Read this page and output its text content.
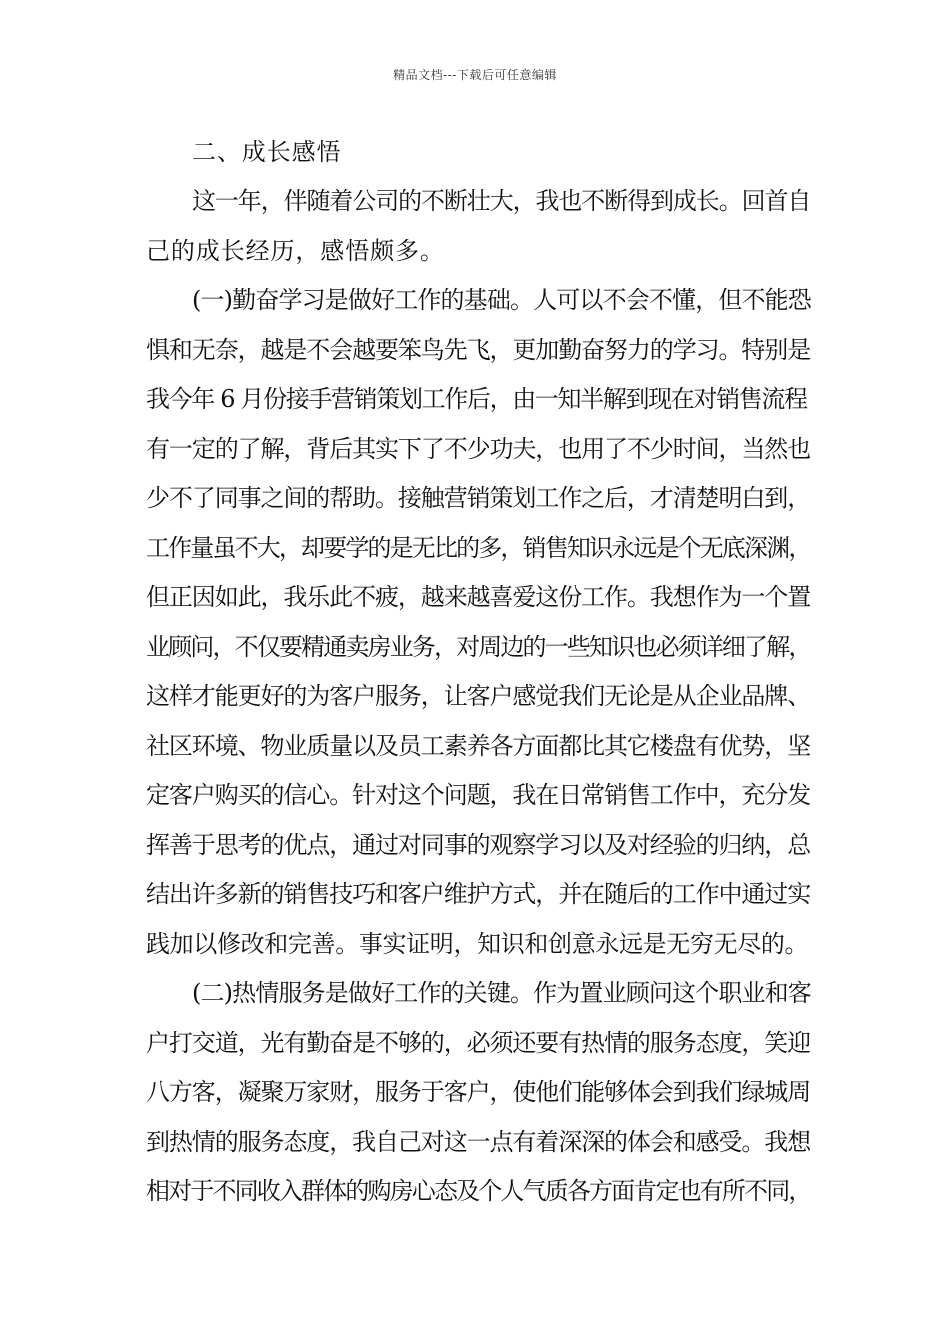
精品文档---下载后可任意编辑
二、成长感悟
这一年，伴随着公司的不断壮大，我也不断得到成长。回首自
己的成长经历，感悟颇多。
(一)勤奋学习是做好工作的基础。人可以不会不懂，但不能恐
惧和无奈，越是不会越要笨鸟先飞，更加勤奋努力的学习。特别是
我今年 6 月份接手营销策划工作后，由一知半解到现在对销售流程
有一定的了解，背后其实下了不少功夫，也用了不少时间，当然也
少不了同事之间的帮助。接触营销策划工作之后，才清楚明白到，
工作量虽不大，却要学的是无比的多，销售知识永远是个无底深渊，
但正因如此，我乐此不疲，越来越喜爱这份工作。我想作为一个置
业顾问，不仅要精通卖房业务，对周边的一些知识也必须详细了解，
这样才能更好的为客户服务，让客户感觉我们无论是从企业品牌、
社区环境、物业质量以及员工素养各方面都比其它楼盘有优势，坚
定客户购买的信心。针对这个问题，我在日常销售工作中，充分发
挥善于思考的优点，通过对同事的观察学习以及对经验的归纳，总
结出许多新的销售技巧和客户维护方式，并在随后的工作中通过实
践加以修改和完善。事实证明，知识和创意永远是无穷无尽的。
(二)热情服务是做好工作的关键。作为置业顾问这个职业和客
户打交道，光有勤奋是不够的，必须还要有热情的服务态度，笑迎
八方客，凝聚万家财，服务于客户，使他们能够体会到我们绿城周
到热情的服务态度，我自己对这一点有着深深的体会和感受。我想
相对于不同收入群体的购房心态及个人气质各方面肯定也有所不同，
